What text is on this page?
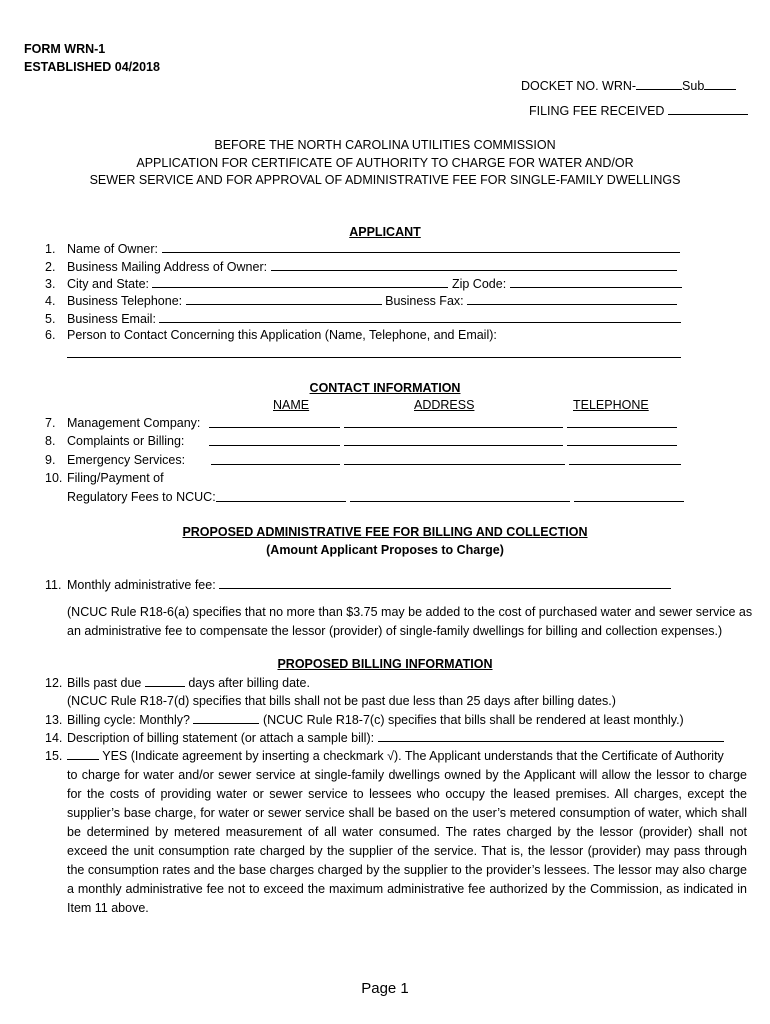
FORM WRN-1
ESTABLISHED 04/2018
DOCKET NO. WRN-	Sub
FILING FEE RECEIVED
BEFORE THE NORTH CAROLINA UTILITIES COMMISSION
APPLICATION FOR CERTIFICATE OF AUTHORITY TO CHARGE FOR WATER AND/OR
SEWER SERVICE AND FOR APPROVAL OF ADMINISTRATIVE FEE FOR SINGLE-FAMILY DWELLINGS
APPLICANT
1. Name of Owner:
2. Business Mailing Address of Owner:
3. City and State:	Zip Code:
4. Business Telephone:	Business Fax:
5. Business Email:
6. Person to Contact Concerning this Application (Name, Telephone, and Email):
CONTACT INFORMATION
NAME	ADDRESS	TELEPHONE
7. Management Company:
8. Complaints or Billing:
9. Emergency Services:
10. Filing/Payment of
Regulatory Fees to NCUC:
PROPOSED ADMINISTRATIVE FEE FOR BILLING AND COLLECTION
(Amount Applicant Proposes to Charge)
11. Monthly administrative fee:
(NCUC Rule R18-6(a) specifies that no more than $3.75 may be added to the cost of purchased water and sewer service as an administrative fee to compensate the lessor (provider) of single-family dwellings for billing and collection expenses.)
PROPOSED BILLING INFORMATION
12. Bills past due	days after billing date.
(NCUC Rule R18-7(d) specifies that bills shall not be past due less than 25 days after billing dates.)
13. Billing cycle: Monthly?	(NCUC Rule R18-7(c) specifies that bills shall be rendered at least monthly.)
14. Description of billing statement (or attach a sample bill):
15.	YES (Indicate agreement by inserting a checkmark √). The Applicant understands that the Certificate of Authority
to charge for water and/or sewer service at single-family dwellings owned by the Applicant will allow the lessor to charge for the costs of providing water or sewer service to lessees who occupy the leased premises. All charges, except the supplier’s base charge, for water or sewer service shall be based on the user’s metered consumption of water, which shall be determined by metered measurement of all water consumed. The rates charged by the lessor (provider) shall not exceed the unit consumption rate charged by the supplier of the service. That is, the lessor (provider) may pass through the consumption rates and the base charges charged by the supplier to the provider’s lessees. The lessor may also charge a monthly administrative fee not to exceed the maximum administrative fee authorized by the Commission, as indicated in Item 11 above.
Page 1
